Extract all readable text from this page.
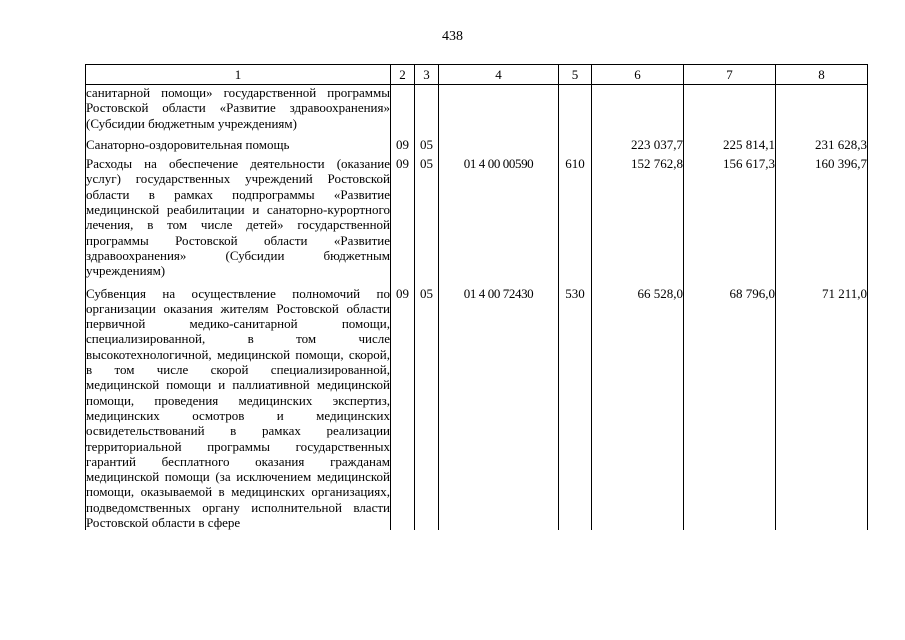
438
1	2	3	4	5	6	7	8
санитарной помощи» государственной программы Ростовской области «Развитие здравоохранения» (Субсидии бюджетным учреждениям)							
Санаторно-оздоровительная помощь	09	05			223 037,7	225 814,1	231 628,3
Расходы на обеспечение деятельности (оказание услуг) государственных учреждений Ростовской области в рамках подпрограммы «Развитие медицинской реабилитации и санаторно-курортного лечения, в том числе детей» государственной программы Ростовской области «Развитие здравоохранения» (Субсидии бюджетным учреждениям)	09	05	01 4 00 00590	610	152 762,8	156 617,3	160 396,7
Субвенция на осуществление полномочий по организации оказания жителям Ростовской области первичной медико-санитарной помощи, специализированной, в том числе высокотехнологичной, медицинской помощи, скорой, в том числе скорой специализированной, медицинской помощи и паллиативной медицинской помощи, проведения медицинских экспертиз, медицинских осмотров и медицинских освидетельствований в рамках реализации территориальной программы государственных гарантий бесплатного оказания гражданам медицинской помощи (за исключением медицинской помощи, оказываемой в медицинских организациях, подведомственных органу исполнительной власти Ростовской области в сфере	09	05	01 4 00 72430	530	66 528,0	68 796,0	71 211,0
